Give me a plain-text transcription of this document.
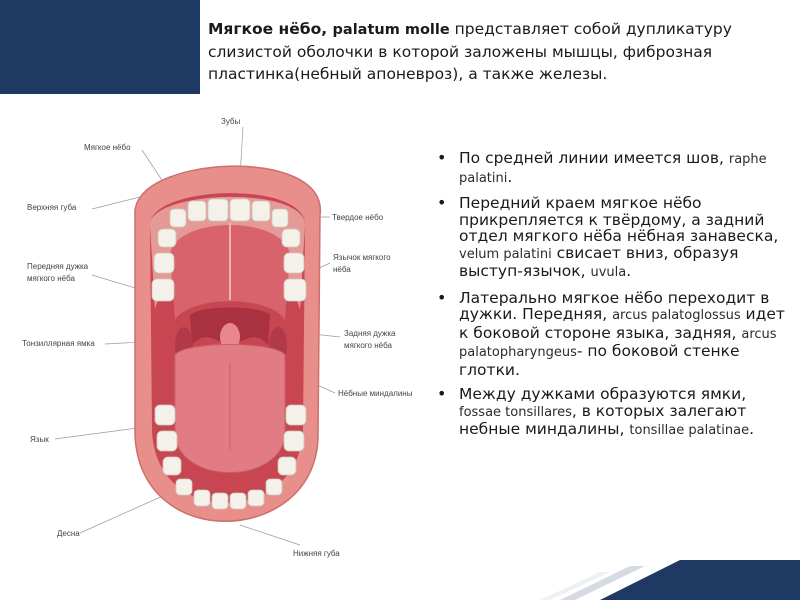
Мягкое нёбо, palatum molle представляет собой дупликатуру
слизистой оболочки в которой заложены мышцы, фиброзная
пластинка(небный апоневроз), а также железы.
Зубы
Мягкое нёбо
Верхняя губа
Твердое нёбо
Язычок мягкого
нёба
Передняя дужка
мягкого нёба
Тонзиллярная ямка
Задняя дужка
мягкого нёба
Нёбные миндалины
Язык
Десна
Нижняя губа
• По средней линии имеется шов, raphe palatini.
• Передний краем мягкое нёбо прикрепляется к твёрдому, а задний отдел мягкого нёба нёбная занавеска, velum palatini свисает вниз, образуя выступ-язычок, uvula.
• Латерально мягкое нёбо переходит в дужки. Передняя, arcus palatoglossus идет к боковой стороне языка, задняя, arcus palatopharyngeus- по боковой стенке глотки.
• Между дужками образуются ямки, fossae tonsillares, в которых залегают небные миндалины, tonsillae palatinae.
